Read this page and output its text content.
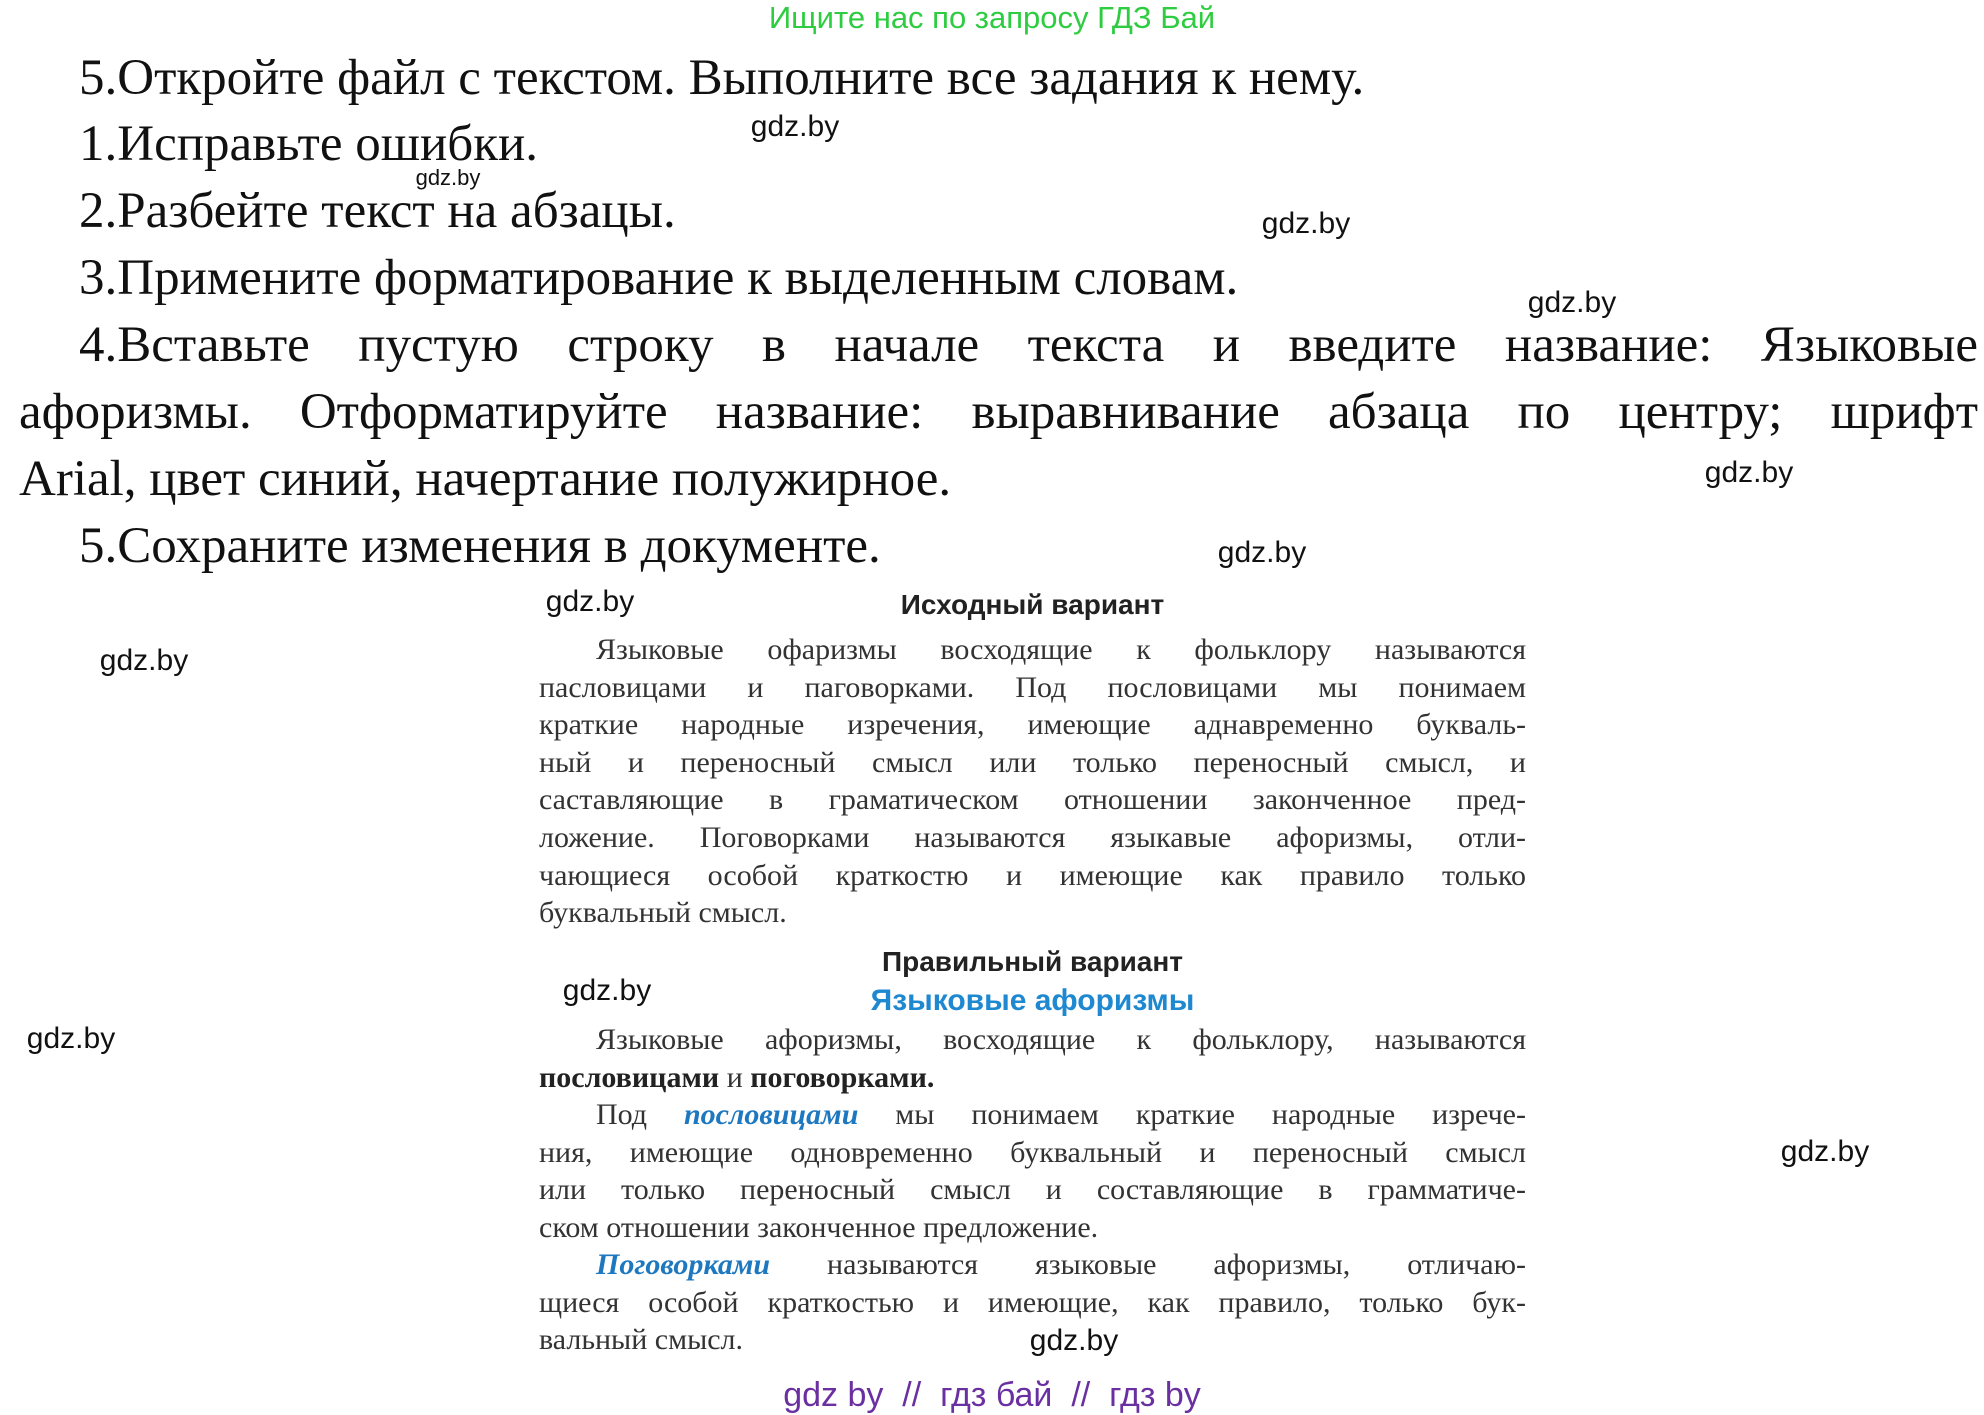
Ищите нас по запросу ГДЗ Бай
5.Откройте файл с текстом. Выполните все задания к нему.
1.Исправьте ошибки.
2.Разбейте текст на абзацы.
3.Примените форматирование к выделенным словам.
4.Вставьте пустую строку в начале текста и введите название: Языковые
афоризмы. Отформатируйте название: выравнивание абзаца по центру; шрифт
Arial, цвет синий, начертание полужирное.
5.Сохраните изменения в документе.
Исходный вариант
Языковые офаризмы восходящие к фольклору называются
пасловицами и паговорками. Под пословицами мы понимаем
краткие народные изречения, имеющие аднавременно букваль-
ный и переносный смысл или только переносный смысл, и
саставляющие в граматическом отношении законченное пред-
ложение. Поговорками называются языкавые афоризмы, отли-
чающиеся особой краткостю и имеющие как правило только
буквальный смысл.
Правильный вариант
Языковые афоризмы
Языковые афоризмы, восходящие к фольклору, называются
пословицами и поговорками.
Под пословицами мы понимаем краткие народные изрече-
ния, имеющие одновременно буквальный и переносный смысл
или только переносный смысл и составляющие в грамматиче-
ском отношении законченное предложение.
Поговорками называются языковые афоризмы, отличаю-
щиеся особой краткостью и имеющие, как правило, только бук-
вальный смысл.
gdz.by
gdz.by
gdz.by
gdz.by
gdz.by
gdz.by
gdz.by
gdz.by
gdz.by
gdz.by
gdz.by
gdz.by
gdz by  //  гдз бай  //  гдз by
